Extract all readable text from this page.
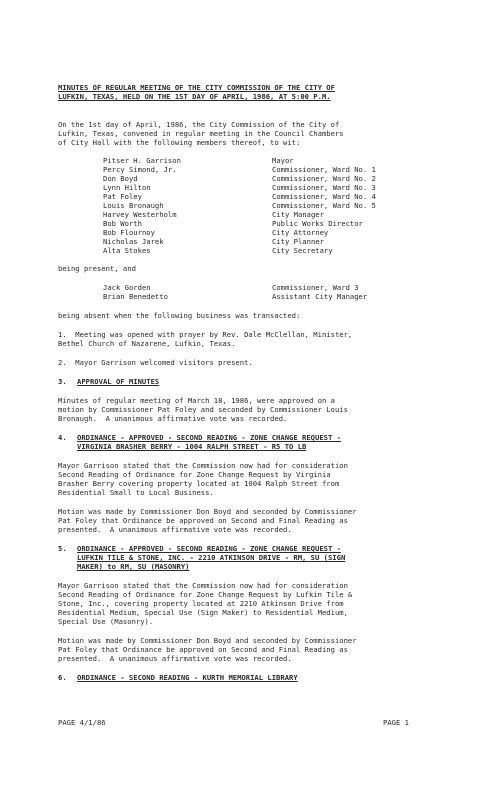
MINUTES OF REGULAR MEETING OF THE CITY COMMISSION OF THE CITY OF
LUFKIN, TEXAS, HELD ON THE 1ST DAY OF APRIL, 1986, AT 5:00 P.M.
On the 1st day of April, 1986, the City Commission of the City of
Lufkin, Texas, convened in regular meeting in the Council Chambers
of City Hall with the following members thereof, to wit:
Pitser H. Garrison	Mayor
Percy Simond, Jr.	Commissioner, Ward No. 1
Don Boyd	Commissioner, Ward No. 2
Lynn Hilton	Commissioner, Ward No. 3
Pat Foley	Commissioner, Ward No. 4
Louis Bronaugh	Commissioner, Ward No. 5
Harvey Westerholm	City Manager
Bob Worth	Public Works Director
Bob Flournoy	City Attorney
Nicholas Jarek	City Planner
Alta Stokes	City Secretary
being present, and
Jack Gorden	Commissioner, Ward 3
Brian Benedetto	Assistant City Manager
being absent when the following business was transacted:
1.  Meeting was opened with prayer by Rev. Dale McClellan, Minister,
Bethel Church of Nazarene, Lufkin, Texas.
2.  Mayor Garrison welcomed visitors present.
3. APPROVAL OF MINUTES
Minutes of regular meeting of March 18, 1986, were approved on a
motion by Commissioner Pat Foley and seconded by Commissioner Louis
Bronaugh.  A unanimous affirmative vote was recorded.
4. ORDINANCE - APPROVED - SECOND READING - ZONE CHANGE REQUEST -
VIRGINIA BRASHER BERRY - 1004 RALPH STREET - R5 TO LB
Mayor Garrison stated that the Commission now had for consideration
Second Reading of Ordinance for Zone Change Request by Virginia
Brasher Berry covering property located at 1004 Ralph Street from
Residential Small to Local Business.
Motion was made by Commissioner Don Boyd and seconded by Commissioner
Pat Foley that Ordinance be approved on Second and Final Reading as
presented.  A unanimous affirmative vote was recorded.
5. ORDINANCE - APPROVED - SECOND READING - ZONE CHANGE REQUEST -
LUFKIN TILE & STONE, INC. - 2210 ATKINSON DRIVE - RM, SU (SIGN
MAKER) to RM, SU (MASONRY)
Mayor Garrison stated that the Commission now had for consideration
Second Reading of Ordinance for Zone Change Request by Lufkin Tile &
Stone, Inc., covering property located at 2210 Atkinson Drive from
Residential Medium, Special Use (Sign Maker) to Residential Medium,
Special Use (Masonry).
Motion was made by Commissioner Don Boyd and seconded by Commissioner
Pat Foley that Ordinance be approved on Second and Final Reading as
presented.  A unanimous affirmative vote was recorded.
6. ORDINANCE - SECOND READING - KURTH MEMORIAL LIBRARY
PAGE 4/1/86	PAGE 1
